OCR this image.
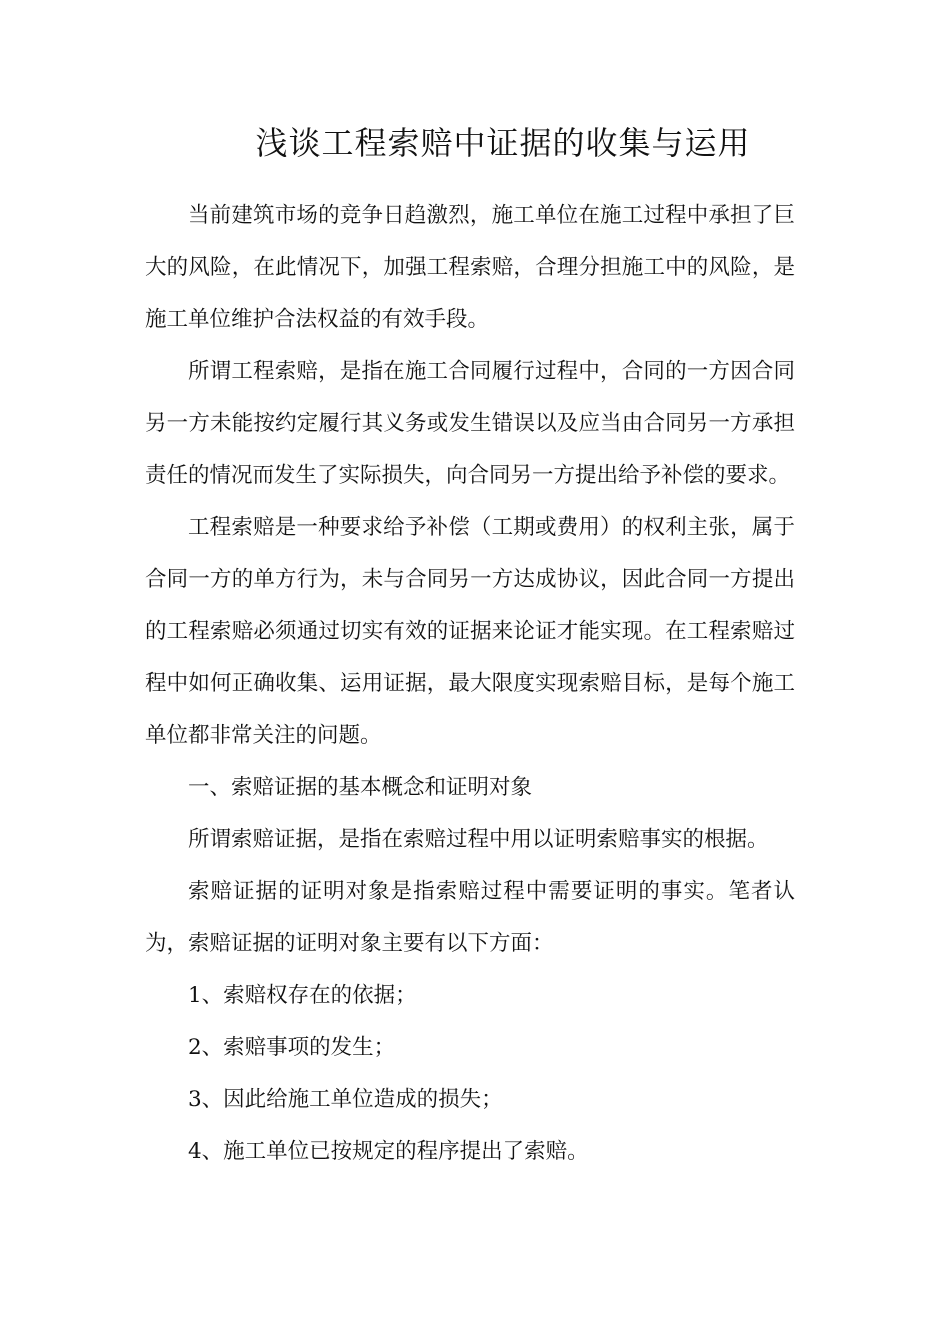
浅谈工程索赔中证据的收集与运用

当前建筑市场的竞争日趋激烈，施工单位在施工过程中承担了巨大的风险，在此情况下，加强工程索赔，合理分担施工中的风险，是施工单位维护合法权益的有效手段。

所谓工程索赔，是指在施工合同履行过程中，合同的一方因合同另一方未能按约定履行其义务或发生错误以及应当由合同另一方承担责任的情况而发生了实际损失，向合同另一方提出给予补偿的要求。

工程索赔是一种要求给予补偿（工期或费用）的权利主张，属于合同一方的单方行为，未与合同另一方达成协议，因此合同一方提出的工程索赔必须通过切实有效的证据来论证才能实现。在工程索赔过程中如何正确收集、运用证据，最大限度实现索赔目标，是每个施工单位都非常关注的问题。

一、索赔证据的基本概念和证明对象

所谓索赔证据，是指在索赔过程中用以证明索赔事实的根据。

索赔证据的证明对象是指索赔过程中需要证明的事实。笔者认为，索赔证据的证明对象主要有以下方面：

1、索赔权存在的依据；

2、索赔事项的发生；

3、因此给施工单位造成的损失；

4、施工单位已按规定的程序提出了索赔。
